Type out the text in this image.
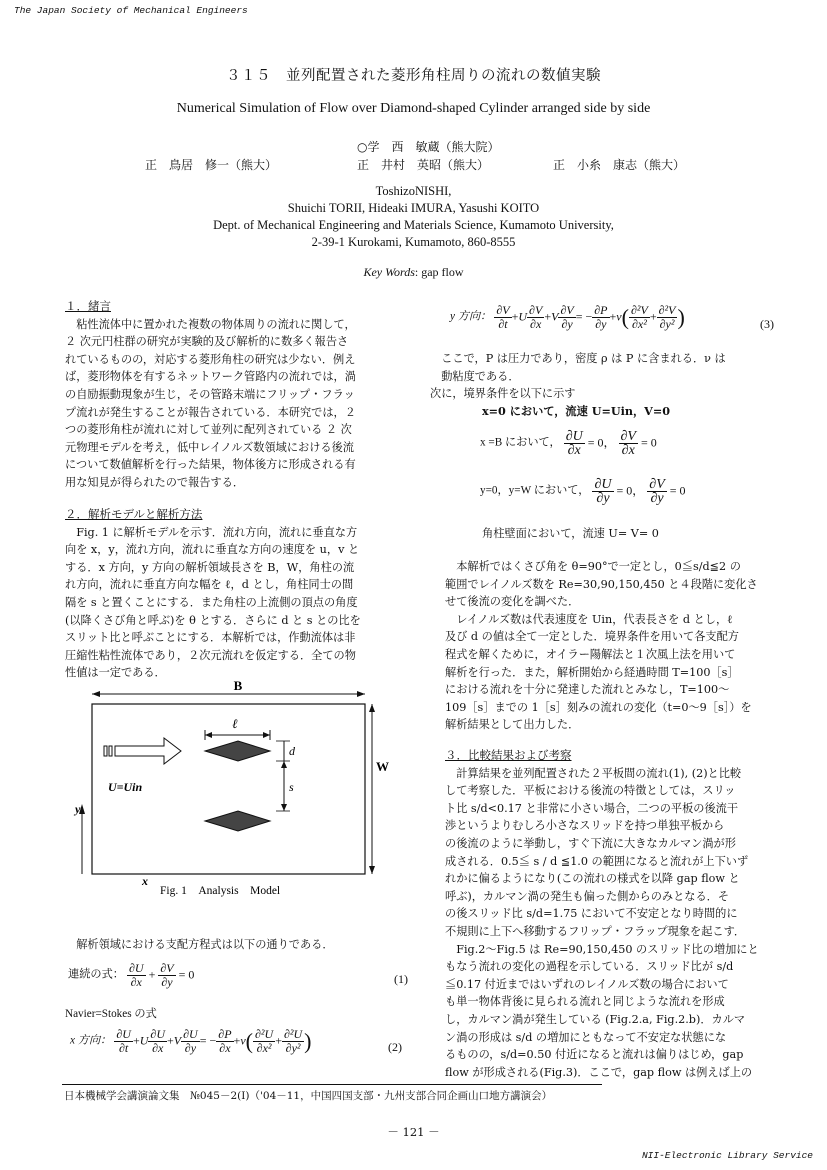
The Japan Society of Mechanical Engineers
３１５　並列配置された菱形角柱周りの流れの数値実験
Numerical Simulation of Flow over Diamond-shaped Cylinder arranged side by side
○学　西　敏蔵（熊大院）
正　鳥居　修一（熊大）	正　井村　英昭（熊大）	正　小糸　康志（熊大）
ToshizoNISHI,
Shuichi TORII, Hideaki IMURA, Yasushi KOITO
Dept. of Mechanical Engineering and Materials Science, Kumamoto University,
2-39-1 Kurokami, Kumamoto, 860-8555
Key Words: gap flow
１．緒言
　粘性流体中に置かれた複数の物体周りの流れに関して，
２ 次元円柱群の研究が実験的及び解析的に数多く報告さ
れているものの，対応する菱形角柱の研究は少ない．例え
ば，菱形物体を有するネットワーク管路内の流れでは，渦
の自励振動現象が生じ，その管路末端にフリップ・フラッ
プ流れが発生することが報告されている．本研究では，２
つの菱形角柱が流れに対して並列に配列されている ２ 次
元物理モデルを考え，低中レイノルズ数領域における後流
について数値解析を行った結果，物体後方に形成される有
用な知見が得られたので報告する．
２．解析モデルと解析方法
　Fig. 1 に解析モデルを示す．流れ方向，流れに垂直な方
向を x，y，流れ方向，流れに垂直な方向の速度を u，v と
する．x 方向，y 方向の解析領域長さを B，W，角柱の流
れ方向，流れに垂直方向な幅を ℓ，d とし，角柱同士の間
隔を s と置くことにする．また角柱の上流側の頂点の角度
(以降くさび角と呼ぶ)を θ とする．さらに d と s との比を
スリット比と呼ぶことにする．本解析では，作動流体は非
圧縮性粘性流体であり，２次元流れを仮定する．全ての物
性値は一定である．
B
W
U=Uin
ℓ
d
s
y
x
Fig. 1　Analysis　Model
　解析領域における支配方程式は以下の通りである．
連続の式： $\frac{\partial U}{\partial x} + \frac{\partial V}{\partial y} = 0$	(1)
Navier=Stokes の式
x 方向： $\frac{\partial U}{\partial t} +U \frac{\partial U}{\partial x} +V \frac{\partial U}{\partial y}$ = − $\frac{\partial P}{\partial x} +\nu( \frac{\text{∂²U}}{\text{∂x²}} + \frac{\text{∂²U}}{\text{∂y²}}$ )	(2)
y 方向： $\frac{\partial V}{\partial t} +U \frac{\partial V}{\partial x} +V \frac{\partial V}{\partial y}$ = − $\frac{\partial P}{\partial y} +\nu( \frac{\text{∂²V}}{\text{∂x²}} + \frac{\text{∂²V}}{\text{∂y²}}$ )	(3)
　ここで，P は圧力であり，密度 ρ は P に含まれる．ν は
　動粘度である．
次に，境界条件を以下に示す
x=0 において，流速 U=Uin，V=0
x =B において， $\frac{\partial U}{\partial x} = 0$， $\frac{\partial V}{\partial x} = 0$
y=0，y=W において， $\frac{\partial U}{\partial y} = 0$， $\frac{\partial V}{\partial y} = 0$
角柱壁面において，流速 U= V= 0
　本解析ではくさび角を θ=90°で一定とし，0≦s/d≦2 の
範囲でレイノルズ数を Re=30,90,150,450 と４段階に変化さ
せて後流の変化を調べた．
　レイノルズ数は代表速度を Uin，代表長さを d とし，ℓ
及び d の値は全て一定とした．境界条件を用いて各支配方
程式を解くために，オイラー陽解法と１次風上法を用いて
解析を行った．また，解析開始から経過時間 T=100［s］
における流れを十分に発達した流れとみなし，T=100〜
109［s］までの 1［s］刻みの流れの変化（t=0〜9［s］）を
解析結果として出力した．
３．比較結果および考察
　計算結果を並列配置された２平板間の流れ(1), (2)と比較
して考察した．平板における後流の特徴としては，スリッ
ト比 s/d<0.17 と非常に小さい場合，二つの平板の後流干
渉というよりむしろ小さなスリッドを持つ単独平板から
の後流のように挙動し，すぐ下流に大きなカルマン渦が形
成される．0.5≦ s / d ≦1.0 の範囲になると流れが上下いず
れかに偏るようになり(この流れの様式を以降 gap flow と
呼ぶ)，カルマン渦の発生も偏った側からのみとなる．そ
の後スリッド比 s/d=1.75 において不安定となり時間的に
不規則に上下へ移動するフリップ・フラップ現象を起こす．
　Fig.2〜Fig.5 は Re=90,150,450 のスリッド比の増加にと
もなう流れの変化の過程を示している．スリッド比が s/d
≦0.17 付近まではいずれのレイノルズ数の場合において
も単一物体背後に見られる流れと同じような流れを形成
し，カルマン渦が発生している (Fig.2.a, Fig.2.b)．カルマ
ン渦の形成は s/d の増加にともなって不安定な状態にな
るものの，s/d=0.50 付近になると流れは偏りはじめ，gap
flow が形成される(Fig.3)．ここで，gap flow は例えば上の
日本機械学会講演論文集　№045－2(Ⅰ)（'04－11，中国四国支部・九州支部合同企画山口地方講演会）
－ 121 －
NII-Electronic Library Service
